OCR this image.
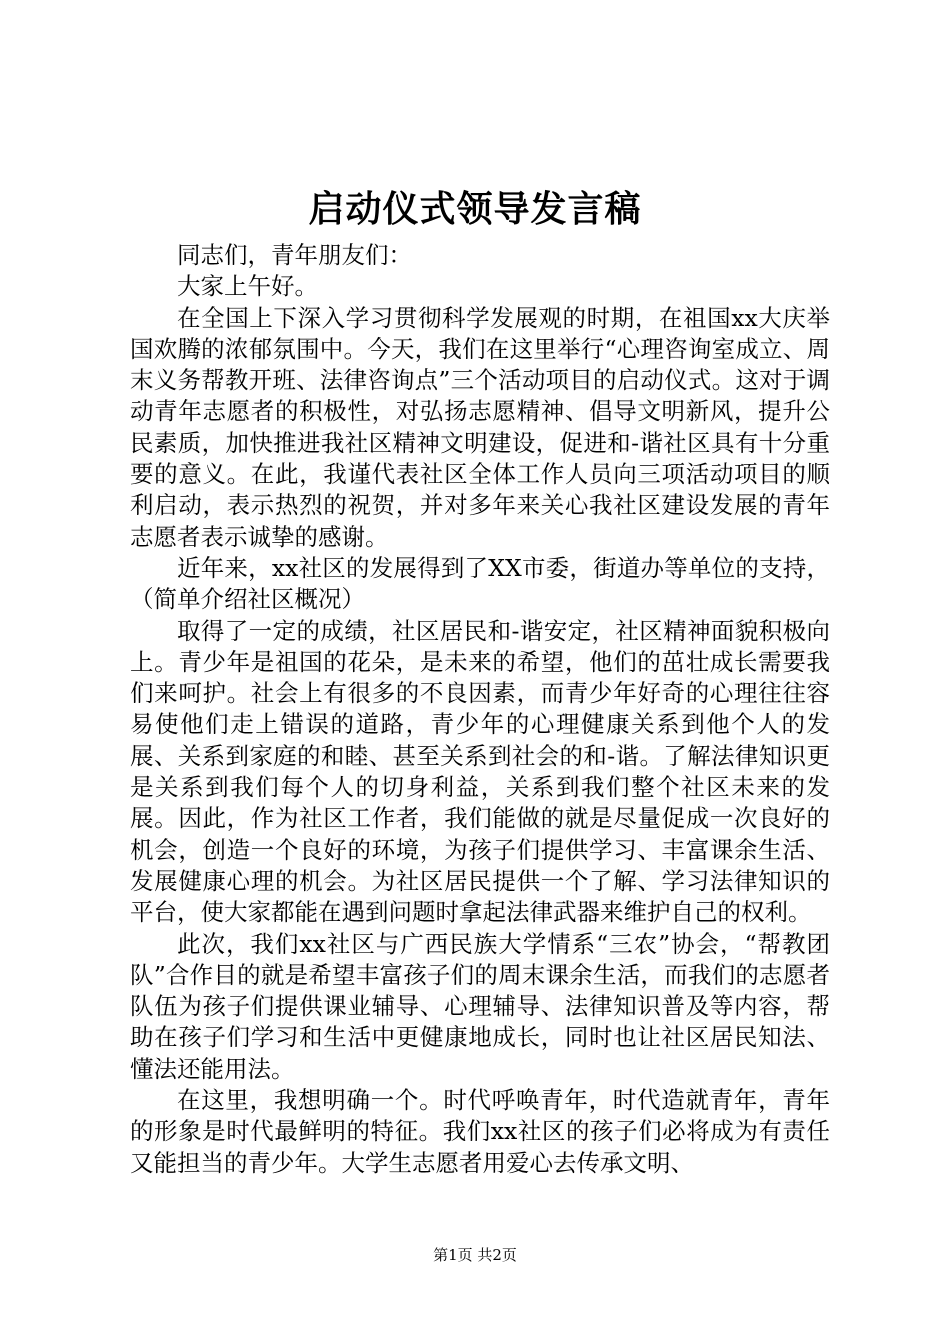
启动仪式领导发言稿

同志们，青年朋友们：

大家上午好。

在全国上下深入学习贯彻科学发展观的时期，在祖国xx大庆举国欢腾的浓郁氛围中。今天，我们在这里举行“心理咨询室成立、周末义务帮教开班、法律咨询点”三个活动项目的启动仪式。这对于调动青年志愿者的积极性，对弘扬志愿精神、倡导文明新风，提升公民素质，加快推进我社区精神文明建设，促进和-谐社区具有十分重要的意义。在此，我谨代表社区全体工作人员向三项活动项目的顺利启动，表示热烈的祝贺，并对多年来关心我社区建设发展的青年志愿者表示诚挚的感谢。

近年来，xx社区的发展得到了XX市委，街道办等单位的支持，（简单介绍社区概况）

取得了一定的成绩，社区居民和-谐安定，社区精神面貌积极向上。青少年是祖国的花朵，是未来的希望，他们的茁壮成长需要我们来呵护。社会上有很多的不良因素，而青少年好奇的心理往往容易使他们走上错误的道路，青少年的心理健康关系到他个人的发展、关系到家庭的和睦、甚至关系到社会的和-谐。了解法律知识更是关系到我们每个人的切身利益，关系到我们整个社区未来的发展。因此，作为社区工作者，我们能做的就是尽量促成一次良好的机会，创造一个良好的环境，为孩子们提供学习、丰富课余生活、发展健康心理的机会。为社区居民提供一个了解、学习法律知识的平台，使大家都能在遇到问题时拿起法律武器来维护自己的权利。

此次，我们xx社区与广西民族大学情系“三农”协会，“帮教团队”合作目的就是希望丰富孩子们的周末课余生活，而我们的志愿者队伍为孩子们提供课业辅导、心理辅导、法律知识普及等内容，帮助在孩子们学习和生活中更健康地成长，同时也让社区居民知法、懂法还能用法。

在这里，我想明确一个。时代呼唤青年，时代造就青年，青年的形象是时代最鲜明的特征。我们xx社区的孩子们必将成为有责任又能担当的青少年。大学生志愿者用爱心去传承文明、

第1页 共2页
